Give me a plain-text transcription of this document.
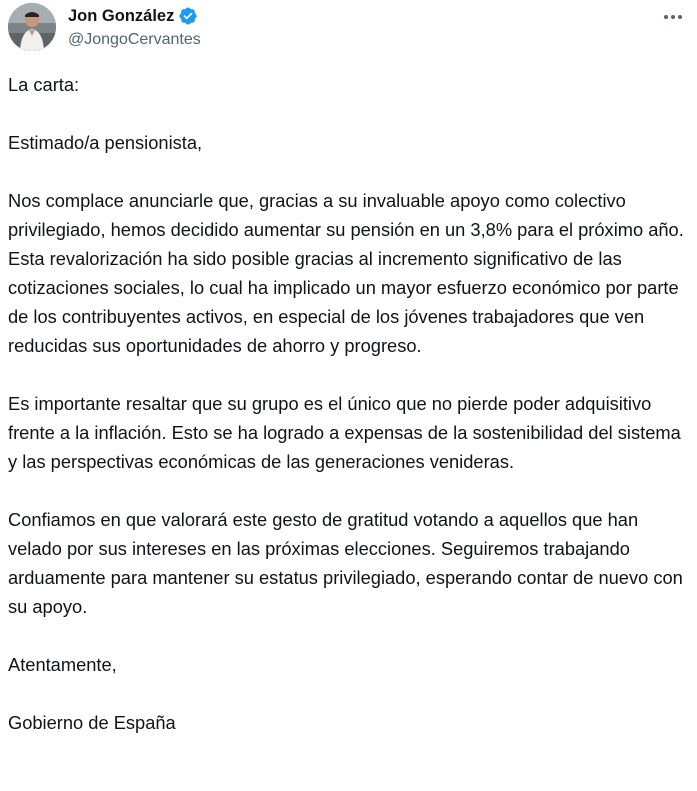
Jon González
@JongoCervantes

La carta:

Estimado/a pensionista,

Nos complace anunciarle que, gracias a su invaluable apoyo como colectivo privilegiado, hemos decidido aumentar su pensión en un 3,8% para el próximo año. Esta revalorización ha sido posible gracias al incremento significativo de las cotizaciones sociales, lo cual ha implicado un mayor esfuerzo económico por parte de los contribuyentes activos, en especial de los jóvenes trabajadores que ven reducidas sus oportunidades de ahorro y progreso.

Es importante resaltar que su grupo es el único que no pierde poder adquisitivo frente a la inflación. Esto se ha logrado a expensas de la sostenibilidad del sistema y las perspectivas económicas de las generaciones venideras.

Confiamos en que valorará este gesto de gratitud votando a aquellos que han velado por sus intereses en las próximas elecciones. Seguiremos trabajando arduamente para mantener su estatus privilegiado, esperando contar de nuevo con su apoyo.

Atentamente,

Gobierno de España
